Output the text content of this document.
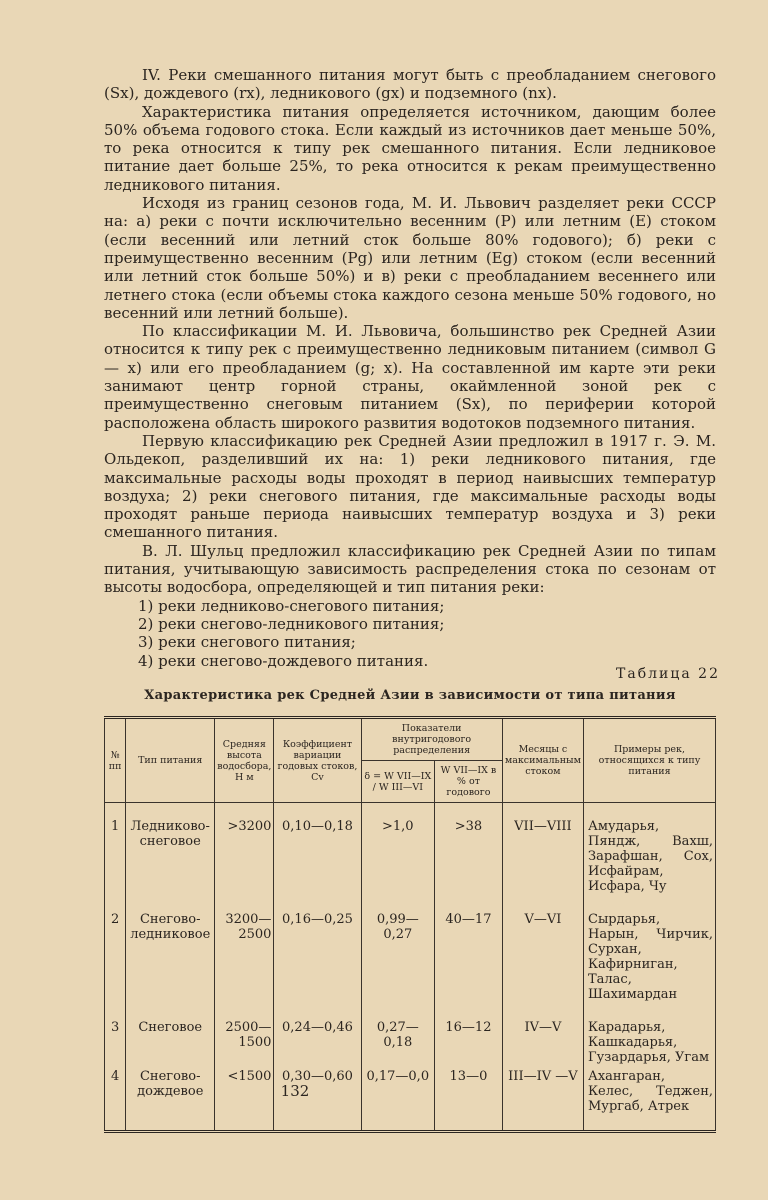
IV. Реки смешанного питания могут быть с преобладанием снегового (Sx), дождевого (rx), ледникового (gx) и подземного (nx).

Характеристика питания определяется источником, дающим более 50% объема годового стока. Если каждый из источников дает меньше 50%, то река относится к типу рек смешанного питания. Если ледниковое питание дает больше 25%, то река относится к рекам преимущественно ледникового питания.

Исходя из границ сезонов года, М. И. Львович разделяет реки СССР на: а) реки с почти исключительно весенним (P) или летним (E) стоком (если весенний или летний сток больше 80% годового); б) реки с преимущественно весенним (Pg) или летним (Eg) стоком (если весенний или летний сток больше 50%) и в) реки с преобладанием весеннего или летнего стока (если объемы стока каждого сезона меньше 50% годового, но весенний или летний больше).

По классификации М. И. Львовича, большинство рек Средней Азии относится к типу рек с преимущественно ледниковым питанием (символ G — x) или его преобладанием (g; x). На составленной им карте эти реки занимают центр горной страны, окаймленной зоной рек с преимущественно снеговым питанием (Sx), по периферии которой расположена область широкого развития водотоков подземного питания.

Первую классификацию рек Средней Азии предложил в 1917 г. Э. М. Ольдекоп, разделивший их на: 1) реки ледникового питания, где максимальные расходы воды проходят в период наивысших температур воздуха; 2) реки снегового питания, где максимальные расходы воды проходят раньше периода наивысших температур воздуха и 3) реки смешанного питания.

В. Л. Шульц предложил классификацию рек Средней Азии по типам питания, учитывающую зависимость распределения стока по сезонам от высоты водосбора, определяющей и тип питания реки:

1) реки ледниково-снегового питания;
2) реки снегово-ледникового питания;
3) реки снегового питания;
4) реки снегово-дождевого питания.
Таблица 22
Характеристика рек Средней Азии в зависимости от типа питания
№ пп	Тип питания	Средняя высота водосбора, H м	Коэффициент вариации годовых стоков, Cv	Показатели внутригодового распределения		Месяцы с максимальным стоком	Примеры рек, относящихся к типу питания
				δ = W VII—IX / W III—VI	W VII—IX в % от годового		

1	Ледниково-снеговое	>3200	0,10—0,18	>1,0	>38	VII—VIII	Амударья, Пяндж, Вахш, Зарафшан, Сох, Исфайрам, Исфара, Чу

2	Снегово-ледниковое	3200—2500	0,16—0,25	0,99—0,27	40—17	V—VI	Сырдарья, Нарын, Чирчик, Сурхан, Кафирниган, Талас, Шахимардан

3	Снеговое	2500—1500	0,24—0,46	0,27—0,18	16—12	IV—V	Карадарья, Кашкадарья, Гузардарья, Угам
4	Снегово-дождевое	<1500	0,30—0,60	0,17—0,0	13—0	III—IV —V	Ахангаран, Келес, Теджен, Мургаб, Атрек

132
